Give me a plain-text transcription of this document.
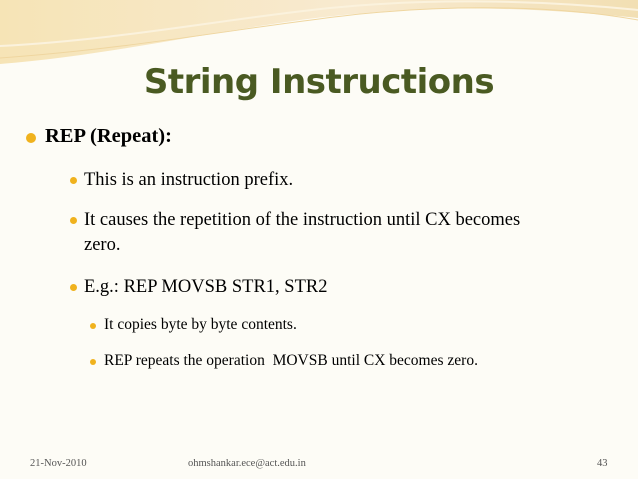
String Instructions
REP (Repeat):
This is an instruction prefix.
It causes the repetition of the instruction until CX becomes zero.
E.g.: REP MOVSB STR1, STR2
It copies byte by byte contents.
REP repeats the operation  MOVSB until CX becomes zero.
21-Nov-2010	ohmshankar.ece@act.edu.in	43
